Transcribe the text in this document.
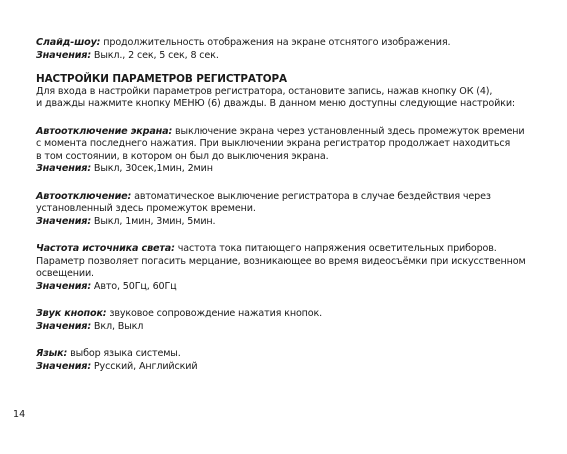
Слайд-шоу: продолжительность отображения на экране отснятого изображения.
Значения: Выкл., 2 сек, 5 сек, 8 сек.
НАСТРОЙКИ ПАРАМЕТРОВ РЕГИСТРАТОРА
Для входа в настройки параметров регистратора, остановите запись, нажав кнопку ОК (4),
и дважды нажмите кнопку МЕНЮ (6) дважды. В данном меню доступны следующие настройки:
Автоотключение экрана: выключение экрана через установленный здесь промежуток времени
с момента последнего нажатия. При выключении экрана регистратор продолжает находиться
в том состоянии, в котором он был до выключения экрана.
Значения: Выкл, 30сек,1мин, 2мин
Автоотключение: автоматическое выключение регистратора в случае бездействия через
установленный здесь промежуток времени.
Значения: Выкл, 1мин, 3мин, 5мин.
Частота источника света: частота тока питающего напряжения осветительных приборов.
Параметр позволяет погасить мерцание, возникающее во время видеосъёмки при искусственном
освещении.
Значения: Авто, 50Гц, 60Гц
Звук кнопок: звуковое сопровождение нажатия кнопок.
Значения: Вкл, Выкл
Язык: выбор языка системы.
Значения: Русский, Английский
14
